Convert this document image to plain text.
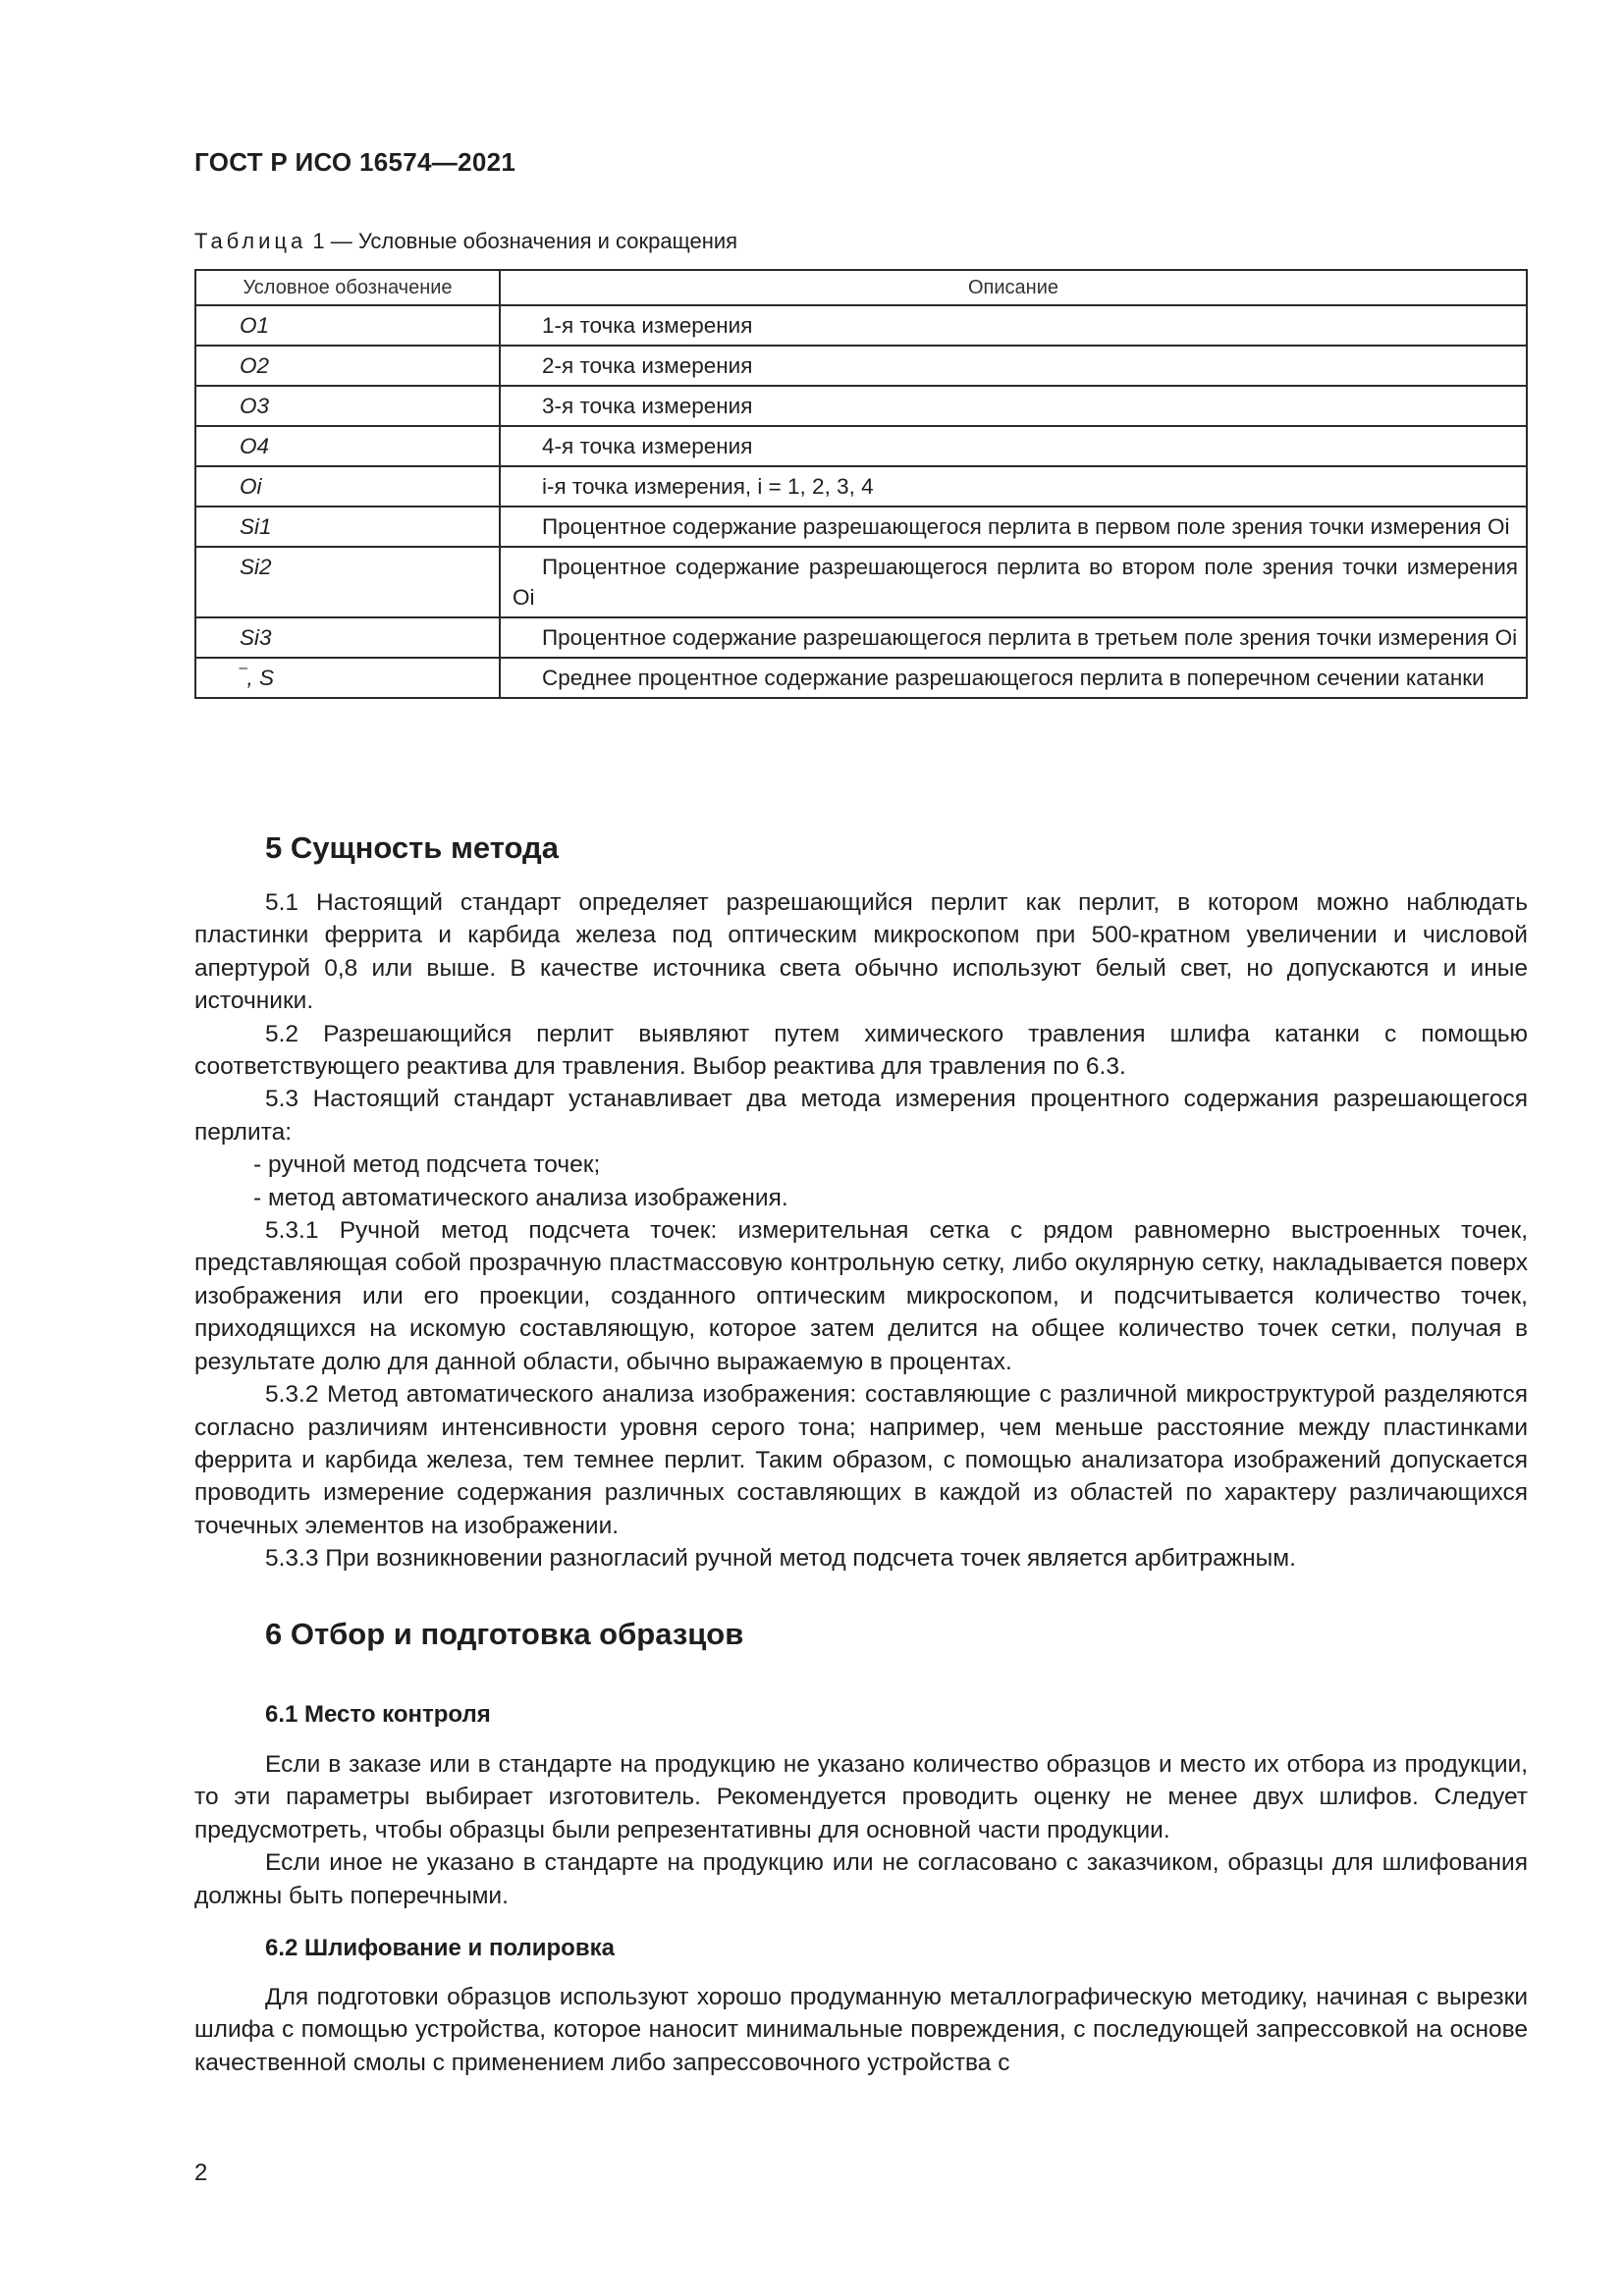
ГОСТ Р ИСО 16574—2021
Таблица 1 — Условные обозначения и сокращения
Условное обозначение	Описание
O1	1-я точка измерения
O2	2-я точка измерения
O3	3-я точка измерения
O4	4-я точка измерения
Oi	i-я точка измерения, i = 1, 2, 3, 4
Si1	Процентное содержание разрешающегося перлита в первом поле зрения точки измерения Oi

Si2	Процентное содержание разрешающегося перлита во втором поле зрения точки измерения Oi

Si3	Процентное содержание разрешающегося перлита в третьем поле зрения точки измерения Oi

‾, S	Среднее процентное содержание разрешающегося перлита в поперечном сечении катанки
5 Сущность метода

5.1 Настоящий стандарт определяет разрешающийся перлит как перлит, в котором можно наблюдать пластинки феррита и карбида железа под оптическим микроскопом при 500-кратном увеличении и числовой апертурой 0,8 или выше. В качестве источника света обычно используют белый свет, но допускаются и иные источники.

5.2 Разрешающийся перлит выявляют путем химического травления шлифа катанки с помощью соответствующего реактива для травления. Выбор реактива для травления по 6.3.

5.3 Настоящий стандарт устанавливает два метода измерения процентного содержания разрешающегося перлита:

- ручной метод подсчета точек;

- метод автоматического анализа изображения.

5.3.1 Ручной метод подсчета точек: измерительная сетка с рядом равномерно выстроенных точек, представляющая собой прозрачную пластмассовую контрольную сетку, либо окулярную сетку, накладывается поверх изображения или его проекции, созданного оптическим микроскопом, и подсчитывается количество точек, приходящихся на искомую составляющую, которое затем делится на общее количество точек сетки, получая в результате долю для данной области, обычно выражаемую в процентах.

5.3.2 Метод автоматического анализа изображения: составляющие с различной микроструктурой разделяются согласно различиям интенсивности уровня серого тона; например, чем меньше расстояние между пластинками феррита и карбида железа, тем темнее перлит. Таким образом, с помощью анализатора изображений допускается проводить измерение содержания различных составляющих в каждой из областей по характеру различающихся точечных элементов на изображении.

5.3.3 При возникновении разногласий ручной метод подсчета точек является арбитражным.

6 Отбор и подготовка образцов
6.1 Место контроля

Если в заказе или в стандарте на продукцию не указано количество образцов и место их отбора из продукции, то эти параметры выбирает изготовитель. Рекомендуется проводить оценку не менее двух шлифов. Следует предусмотреть, чтобы образцы были репрезентативны для основной части продукции.

Если иное не указано в стандарте на продукцию или не согласовано с заказчиком, образцы для шлифования должны быть поперечными.

6.2 Шлифование и полировка

Для подготовки образцов используют хорошо продуманную металлографическую методику, начиная с вырезки шлифа с помощью устройства, которое наносит минимальные повреждения, с последующей запрессовкой на основе качественной смолы с применением либо запрессовочного устройства с

2
